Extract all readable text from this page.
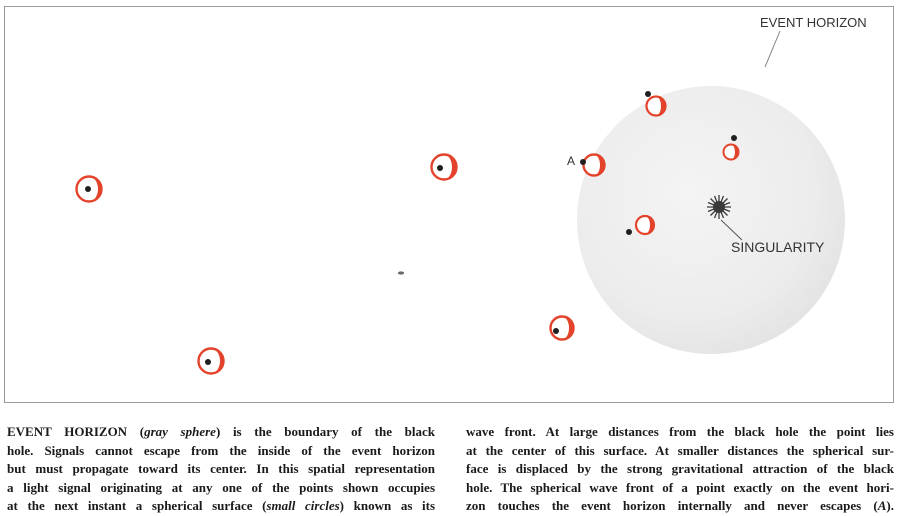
EVENT HORIZON
SINGULARITY
A
EVENT HORIZON (gray sphere) is the boundary of the black
hole. Signals cannot escape from the inside of the event horizon
but must propagate toward its center. In this spatial representation
a light signal originating at any one of the points shown occupies
at the next instant a spherical surface (small circles) known as its
wave front. At large distances from the black hole the point lies
at the center of this surface. At smaller distances the spherical sur-
face is displaced by the strong gravitational attraction of the black
hole. The spherical wave front of a point exactly on the event hori-
zon touches the event horizon internally and never escapes (A).
